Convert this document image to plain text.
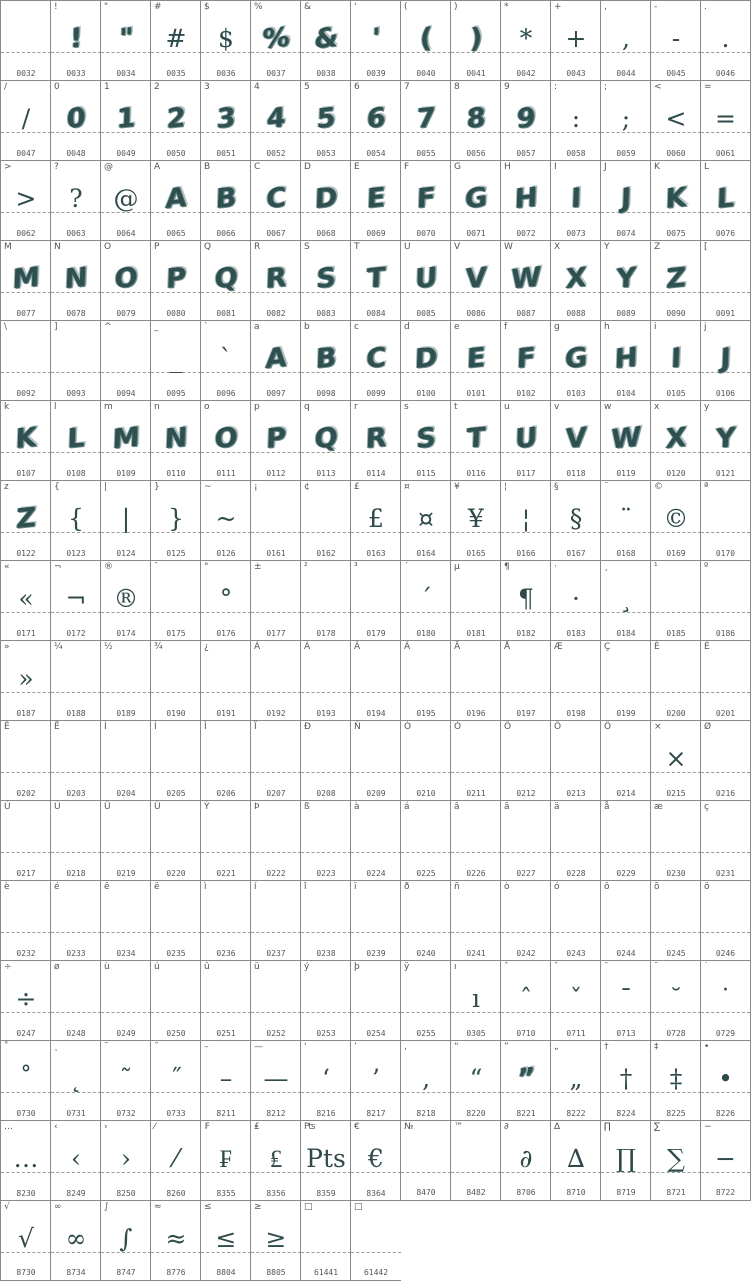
0032
!
!
0033
"
"
0034
#
#
0035
$
$
0036
%
%
0037
&
&
0038
'
'
0039
(
(
0040
)
)
0041
*
*
0042
+
+
0043
,
,
0044
-
-
0045
.
.
0046
/
/
0047
0
0
0048
1
1
0049
2
2
0050
3
3
0051
4
4
0052
5
5
0053
6
6
0054
7
7
0055
8
8
0056
9
9
0057
:
:
0058
;
;
0059
<
<
0060
=
=
0061
>
>
0062
?
?
0063
@
@
0064
A
A
0065
B
B
0066
C
C
0067
D
D
0068
E
E
0069
F
F
0070
G
G
0071
H
H
0072
I
I
0073
J
J
0074
K
K
0075
L
L
0076
M
M
0077
N
N
0078
O
O
0079
P
P
0080
Q
Q
0081
R
R
0082
S
S
0083
T
T
0084
U
U
0085
V
V
0086
W
W
0087
X
X
0088
Y
Y
0089
Z
Z
0090
[
0091
\
0092
]
0093
^
0094
_
_
0095
`
`
0096
a
A
0097
b
B
0098
c
C
0099
d
D
0100
e
E
0101
f
F
0102
g
G
0103
h
H
0104
i
I
0105
j
J
0106
k
K
0107
l
L
0108
m
M
0109
n
N
0110
o
O
0111
p
P
0112
q
Q
0113
r
R
0114
s
S
0115
t
T
0116
u
U
0117
v
V
0118
w
W
0119
x
X
0120
y
Y
0121
z
Z
0122
{
{
0123
|
|
0124
}
}
0125
~
~
0126
¡
0161
¢
0162
£
£
0163
¤
¤
0164
¥
¥
0165
¦
¦
0166
§
§
0167
¨
¨
0168
©
©
0169
ª
0170
«
«
0171
¬
¬
0172
®
®
0174
¯
0175
°
°
0176
±
0177
²
0178
³
0179
´
´
0180
µ
0181
¶
¶
0182
·
·
0183
¸
¸
0184
¹
0185
º
0186
»
»
0187
¼
0188
½
0189
¾
0190
¿
0191
À
0192
Á
0193
Â
0194
Ã
0195
Ä
0196
Å
0197
Æ
0198
Ç
0199
È
0200
É
0201
Ê
0202
Ë
0203
Ì
0204
Í
0205
Î
0206
Ï
0207
Ð
0208
Ñ
0209
Ò
0210
Ó
0211
Ô
0212
Õ
0213
Ö
0214
×
×
0215
Ø
0216
Ù
0217
Ú
0218
Û
0219
Ü
0220
Ý
0221
Þ
0222
ß
0223
à
0224
á
0225
â
0226
ã
0227
ä
0228
å
0229
æ
0230
ç
0231
è
0232
é
0233
ê
0234
ë
0235
ì
0236
í
0237
î
0238
ï
0239
ð
0240
ñ
0241
ò
0242
ó
0243
ô
0244
õ
0245
ö
0246
÷
÷
0247
ø
0248
ù
0249
ú
0250
û
0251
ü
0252
ý
0253
þ
0254
ÿ
0255
ı
ı
0305
ˆ
ˆ
0710
ˇ
ˇ
0711
ˉ
ˉ
0713
˘
˘
0728
˙
˙
0729
˚
˚
0730
˛
˛
0731
˜
˜
0732
˝
˝
0733
–
–
8211
—
—
8212
‘
‘
8216
’
’
8217
‚
‚
8218
“
“
8220
”
”
8221
„
„
8222
†
†
8224
‡
‡
8225
•
•
8226
…
…
8230
‹
‹
8249
›
›
8250
⁄
⁄
8260
₣
₣
8355
₤
₤
8356
₧
Pts
8359
€
€
8364
№
8470
™
8482
∂
∂
8706
∆
∆
8710
∏
∏
8719
∑
∑
8721
−
−
8722
√
√
8730
∞
∞
8734
∫
∫
8747
≈
≈
8776
≤
≤
8804
≥
≥
8805
□
61441
□
61442
